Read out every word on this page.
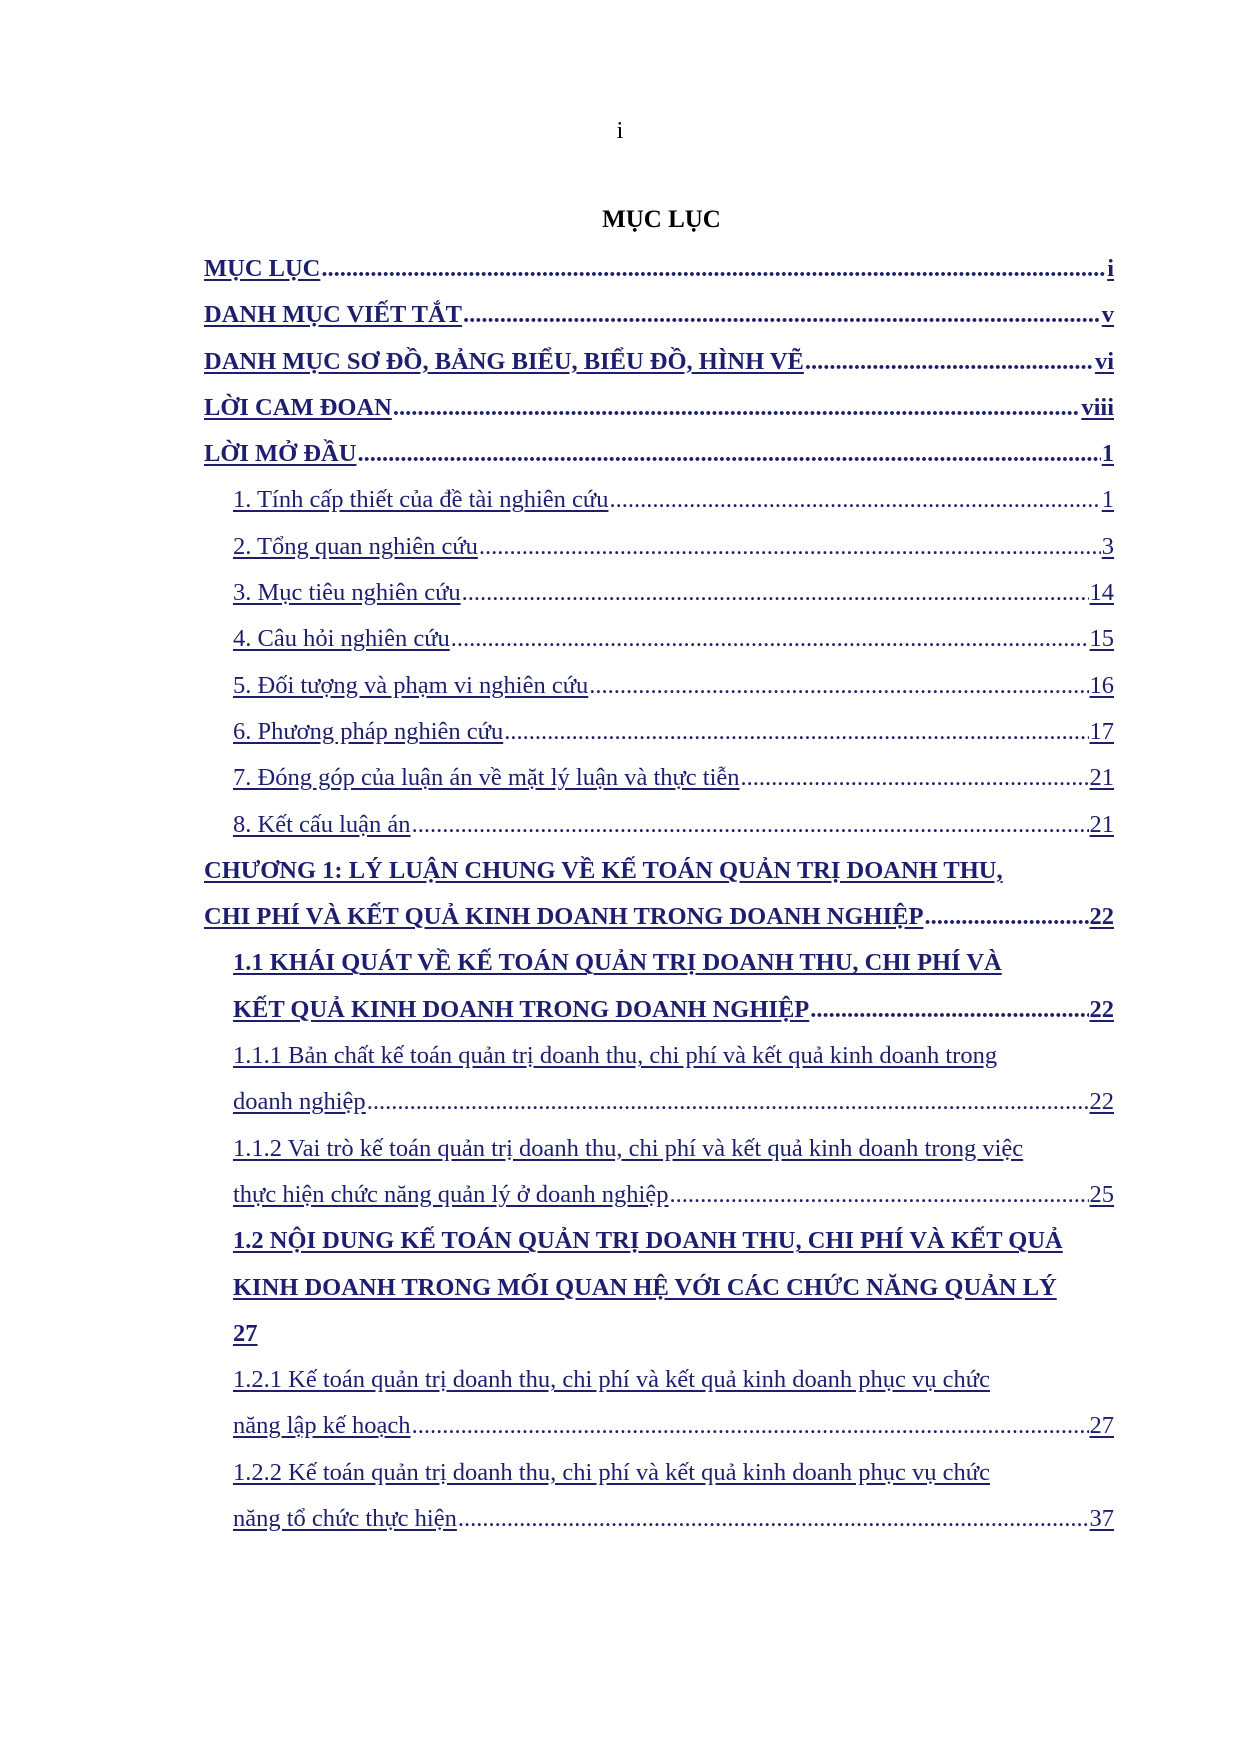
i
MỤC LỤC
MỤC LỤC .....	i
DANH MỤC VIẾT TẮT .....	v
DANH MỤC SƠ ĐỒ, BẢNG BIỂU, BIỂU ĐỒ, HÌNH VẼ .....	vi
LỜI CAM ĐOAN .....	viii
LỜI MỞ ĐẦU .....	1
1. Tính cấp thiết của đề tài nghiên cứu .....	1
2. Tổng quan nghiên cứu .....	3
3. Mục tiêu nghiên cứu .....	14
4. Câu hỏi nghiên cứu .....	15
5. Đối tượng và phạm vi nghiên cứu .....	16
6. Phương pháp nghiên cứu .....	17
7. Đóng góp của luận án về mặt lý luận và thực tiễn .....	21
8. Kết cấu luận án .....	21
CHƯƠNG 1: LÝ LUẬN CHUNG VỀ KẾ TOÁN QUẢN TRỊ DOANH THU,
CHI PHÍ VÀ KẾT QUẢ KINH DOANH TRONG DOANH NGHIỆP .....	22
1.1 KHÁI QUÁT VỀ KẾ TOÁN QUẢN TRỊ DOANH THU, CHI PHÍ VÀ
KẾT QUẢ KINH DOANH TRONG DOANH NGHIỆP .....	22
1.1.1 Bản chất kế toán quản trị doanh thu, chi phí và kết quả kinh doanh trong
doanh nghiệp .....	22
1.1.2 Vai trò kế toán quản trị doanh thu, chi phí và kết quả kinh doanh trong việc
thực hiện chức năng quản lý ở doanh nghiệp .....	25
1.2 NỘI DUNG KẾ TOÁN QUẢN TRỊ DOANH THU, CHI PHÍ VÀ KẾT QUẢ
KINH DOANH TRONG MỐI QUAN HỆ VỚI CÁC CHỨC NĂNG QUẢN LÝ
27
1.2.1 Kế toán quản trị doanh thu, chi phí và kết quả kinh doanh phục vụ chức
năng lập kế hoạch .....	27
1.2.2 Kế toán quản trị doanh thu, chi phí và kết quả kinh doanh phục vụ chức
năng tổ chức thực hiện .....	37
